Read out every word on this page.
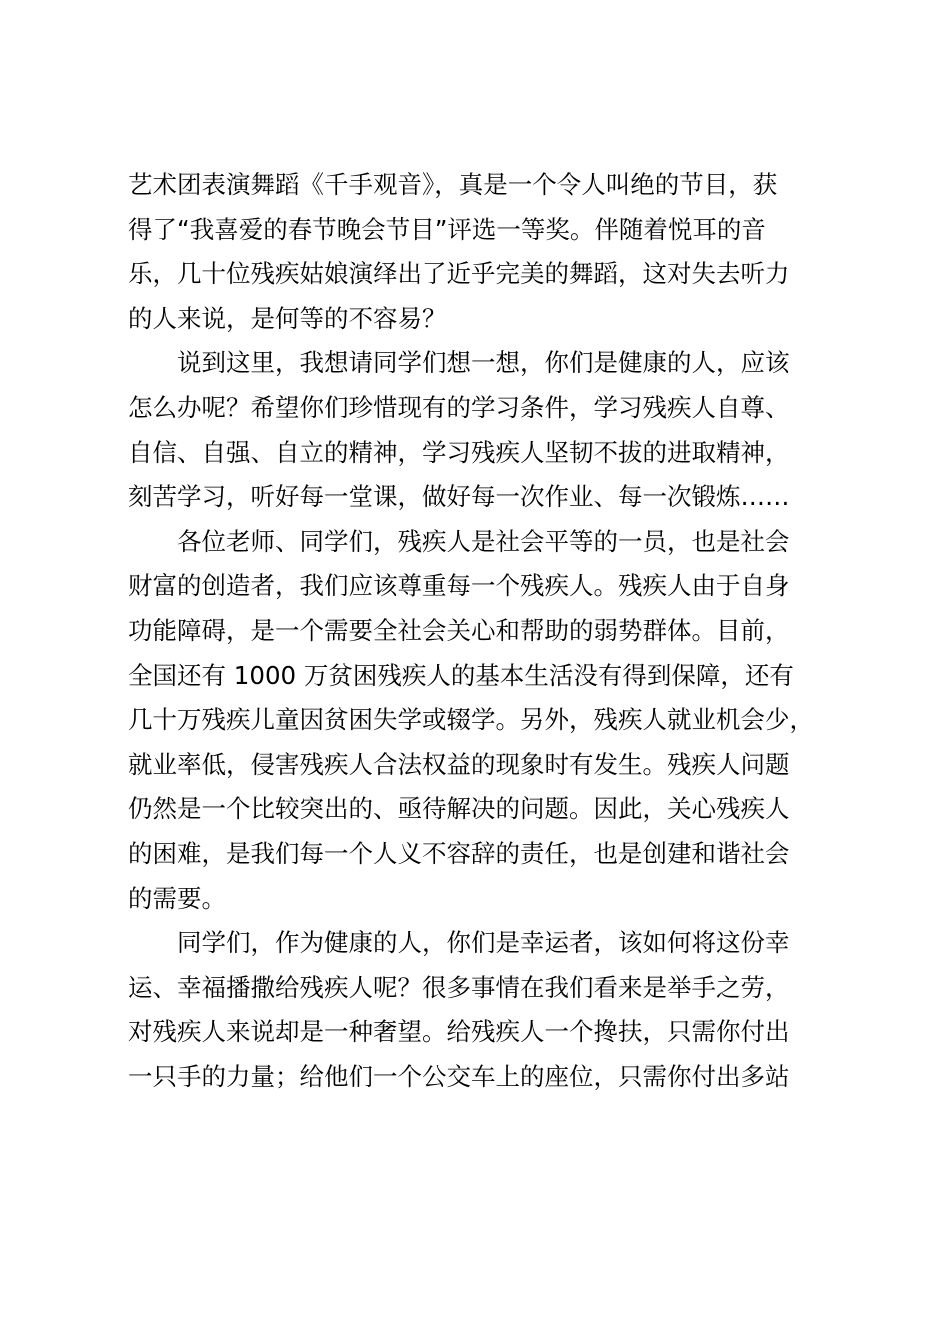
艺术团表演舞蹈《千手观音》，真是一个令人叫绝的节目，获
得了“我喜爱的春节晚会节目”评选一等奖。伴随着悦耳的音
乐，几十位残疾姑娘演绎出了近乎完美的舞蹈，这对失去听力
的人来说，是何等的不容易？
说到这里，我想请同学们想一想，你们是健康的人，应该
怎么办呢？希望你们珍惜现有的学习条件，学习残疾人自尊、
自信、自强、自立的精神，学习残疾人坚韧不拔的进取精神，
刻苦学习，听好每一堂课，做好每一次作业、每一次锻炼……
各位老师、同学们，残疾人是社会平等的一员，也是社会
财富的创造者，我们应该尊重每一个残疾人。残疾人由于自身
功能障碍，是一个需要全社会关心和帮助的弱势群体。目前，
全国还有 1000 万贫困残疾人的基本生活没有得到保障，还有
几十万残疾儿童因贫困失学或辍学。另外，残疾人就业机会少，
就业率低，侵害残疾人合法权益的现象时有发生。残疾人问题
仍然是一个比较突出的、亟待解决的问题。因此，关心残疾人
的困难，是我们每一个人义不容辞的责任，也是创建和谐社会
的需要。
同学们，作为健康的人，你们是幸运者，该如何将这份幸
运、幸福播撒给残疾人呢？很多事情在我们看来是举手之劳，
对残疾人来说却是一种奢望。给残疾人一个搀扶，只需你付出
一只手的力量；给他们一个公交车上的座位，只需你付出多站
